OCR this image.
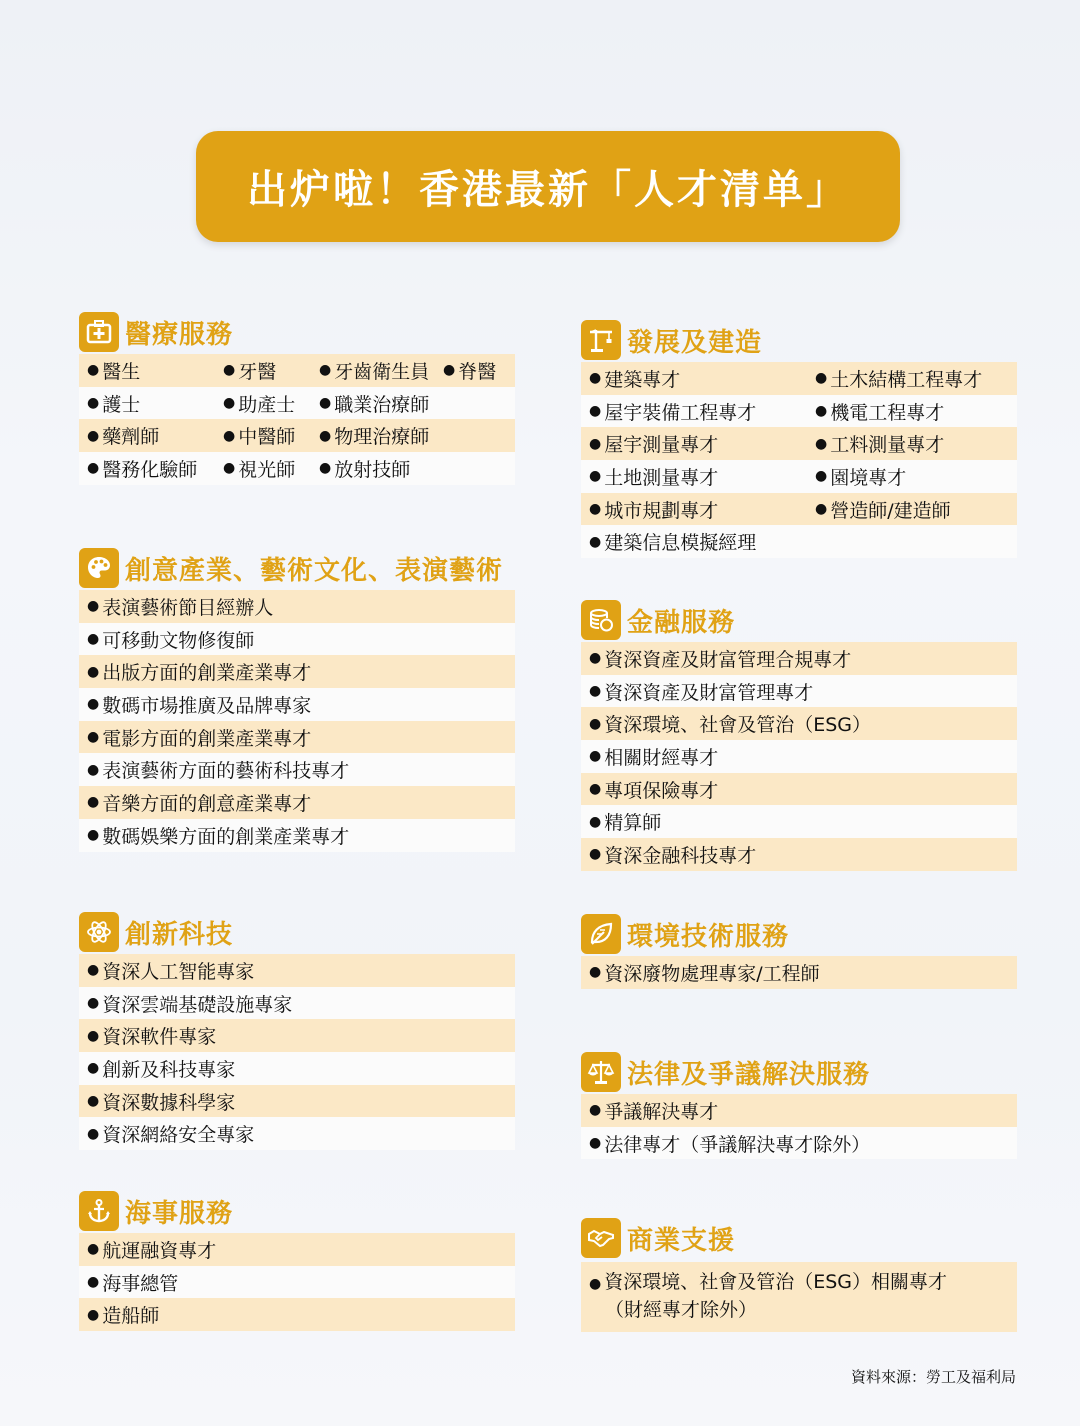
出炉啦！香港最新「人才清单」
醫療服務
● 醫生	● 牙醫	● 牙齒衛生員 ● 脊醫
● 護士	● 助產士 ● 職業治療師
● 藥劑師	● 中醫師 ● 物理治療師
● 醫務化驗師 ● 視光師 ● 放射技師
創意產業、藝術文化、表演藝術
● 表演藝術節目經辦人
● 可移動文物修復師
● 出版方面的創業產業專才
● 數碼市場推廣及品牌專家
● 電影方面的創業產業專才
● 表演藝術方面的藝術科技專才
● 音樂方面的創意產業專才
● 數碼娛樂方面的創業產業專才
創新科技
● 資深人工智能專家
● 資深雲端基礎設施專家
● 資深軟件專家
● 創新及科技專家
● 資深數據科學家
● 資深網絡安全專家
海事服務
● 航運融資專才
● 海事總管
● 造船師
發展及建造
● 建築專才	● 土木結構工程專才
● 屋宇裝備工程專才	● 機電工程專才
● 屋宇測量專才	● 工料測量專才
● 土地測量專才	● 園境專才
● 城市規劃專才	● 營造師/建造師
● 建築信息模擬經理
金融服務
● 資深資產及財富管理合規專才
● 資深資產及財富管理專才
● 資深環境、社會及管治（ESG）
● 相關財經專才
● 專項保險專才
● 精算師
● 資深金融科技專才
環境技術服務
● 資深廢物處理專家/工程師
法律及爭議解決服務
● 爭議解決專才
● 法律專才（爭議解決專才除外）
商業支援
● 資深環境、社會及管治（ESG）相關專才
（財經專才除外）
資料來源：勞工及福利局
